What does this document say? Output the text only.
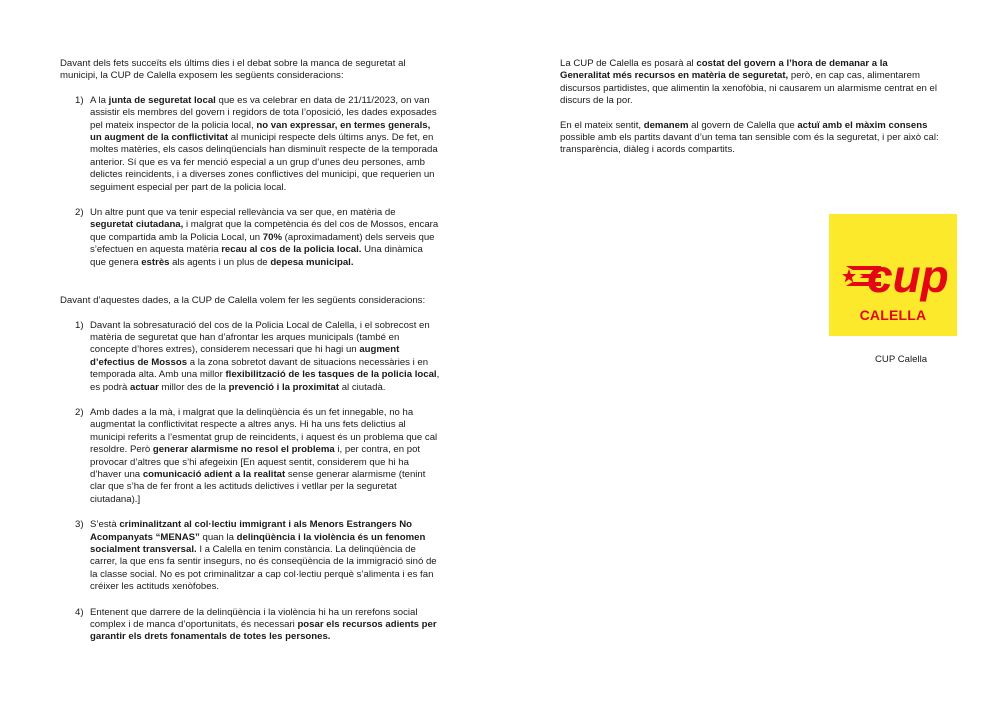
Davant dels fets succeïts els últims dies i el debat sobre la manca de seguretat al municipi, la CUP de Calella exposem les següents consideracions:

1) A la junta de seguretat local que es va celebrar en data de 21/11/2023, on van assistir els membres del govern i regidors de tota l’oposició, les dades exposades pel mateix inspector de la policia local, no van expressar, en termes generals, un augment de la conflictivitat al municipi respecte dels últims anys. De fet, en moltes matèries, els casos delinqüencials han disminuït respecte de la temporada anterior. Sí que es va fer menció especial a un grup d’unes deu persones, amb delictes reincidents, i a diverses zones conflictives del municipi, que requerien un seguiment especial per part de la policia local.
2) Un altre punt que va tenir especial rellevància va ser que, en matèria de seguretat ciutadana, i malgrat que la competència és del cos de Mossos, encara que compartida amb la Policia Local, un 70% (aproximadament) dels serveis que s’efectuen en aquesta matèria recau al cos de la policia local. Una dinàmica que genera estrès als agents i un plus de depesa municipal.

Davant d’aquestes dades, a la CUP de Calella volem fer les següents consideracions:

1) Davant la sobresaturació del cos de la Policia Local de Calella, i el sobrecost en matèria de seguretat que han d’afrontar les arques municipals (també en concepte d’hores extres), considerem necessari que hi hagi un augment d’efectius de Mossos a la zona sobretot davant de situacions necessàries i en temporada alta. Amb una millor flexibilització de les tasques de la policia local, es podrà actuar millor des de la prevenció i la proximitat al ciutadà.
2) Amb dades a la mà, i malgrat que la delinqüència és un fet innegable, no ha augmentat la conflictivitat respecte a altres anys. Hi ha uns fets delictius al municipi referits a l’esmentat grup de reincidents, i aquest és un problema que cal resoldre. Però generar alarmisme no resol el problema i, per contra, en pot provocar d’altres que s’hi afegeixin [En aquest sentit, considerem que hi ha d’haver una comunicació adient a la realitat sense generar alarmisme (tenint clar que s’ha de fer front a les actituds delictives i vetllar per la seguretat ciutadana).]
3) S’està criminalitzant al col·lectiu immigrant i als Menors Estrangers No Acompanyats “MENAS” quan la delinqüència i la violència és un fenomen socialment transversal. I a Calella en tenim constància. La delinqüència de carrer, la que ens fa sentir insegurs, no és conseqüència de la immigració sinó de la classe social. No es pot criminalitzar a cap col·lectiu perquè s’alimenta i es fan créixer les actituds xenòfobes.
4) Entenent que darrere de la delinqüència i la violència hi ha un rerefons social complex i de manca d’oportunitats, és necessari posar els recursos adients per garantir els drets fonamentals de totes les persones.

La CUP de Calella es posarà al costat del govern a l’hora de demanar a la Generalitat més recursos en matèria de seguretat, però, en cap cas, alimentarem discursos partidistes, que alimentin la xenofòbia, ni causarem un alarmisme centrat en el discurs de la por.

En el mateix sentit, demanem al govern de Calella que actuï amb el màxim consens possible amb els partits davant d’un tema tan sensible com és la seguretat, i per això cal: transparència, diàleg i acords compartits.

cup
CALELLA
CUP Calella
